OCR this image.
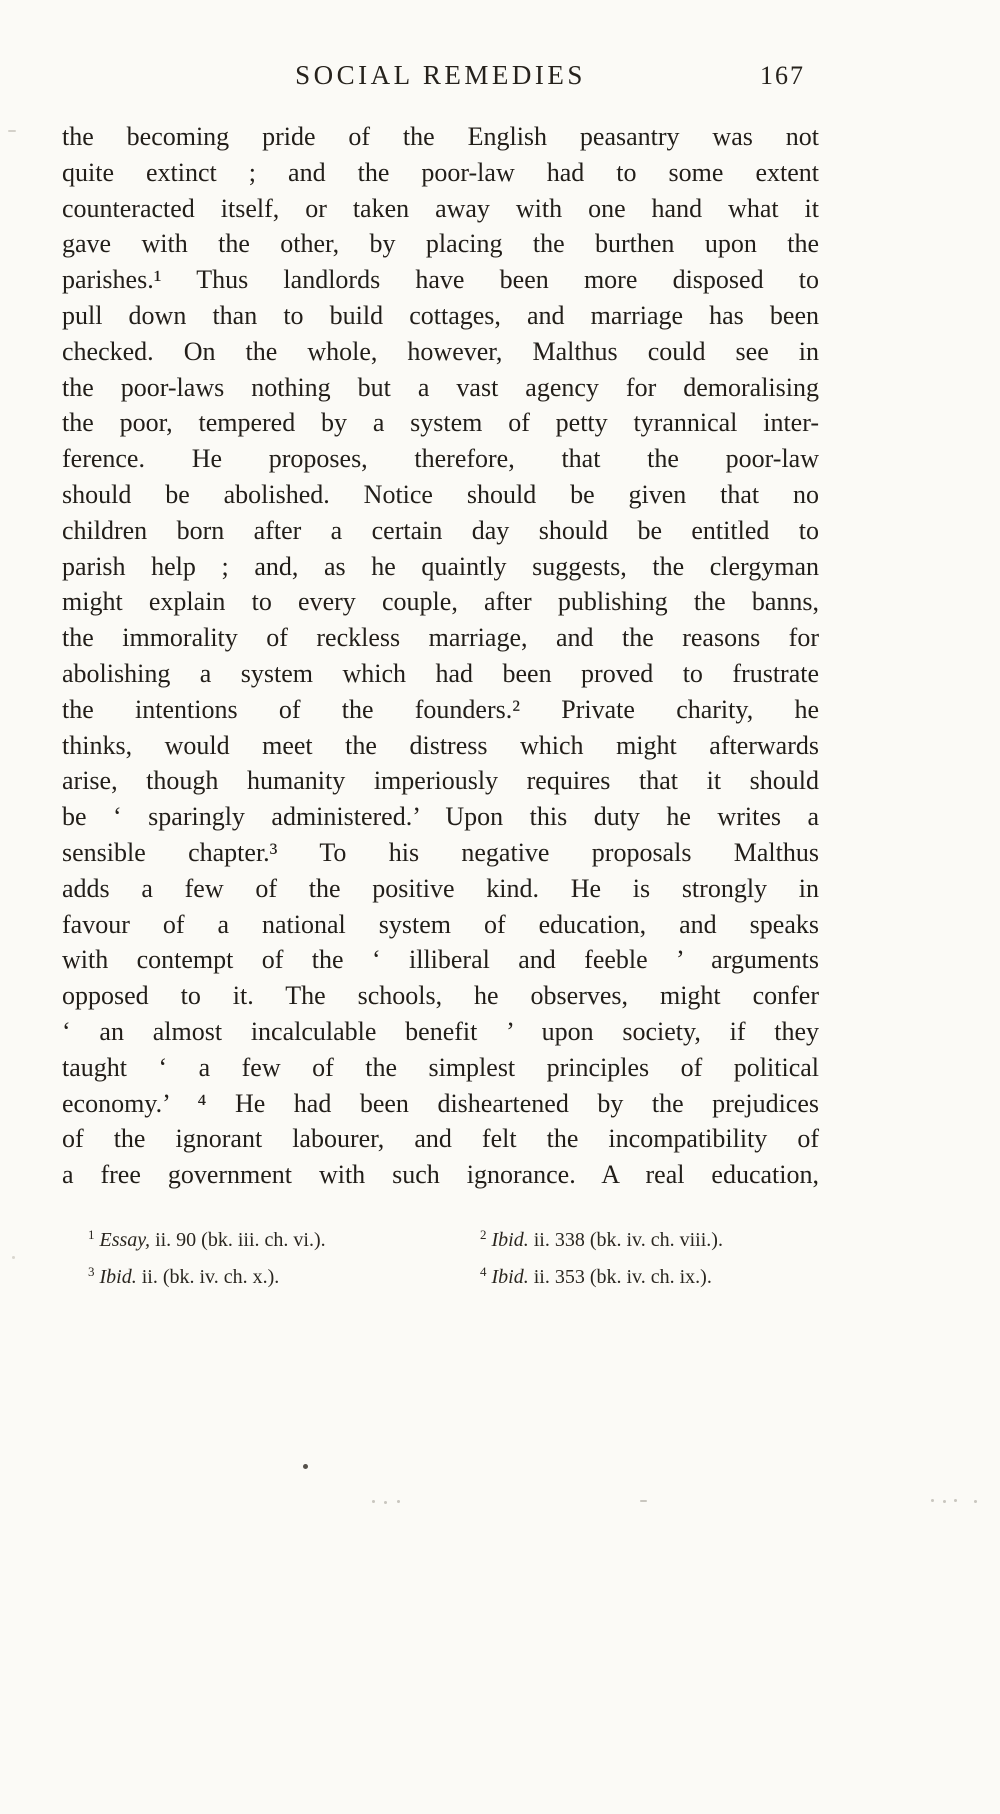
SOCIAL REMEDIES	167
the becoming pride of the English peasantry was not
quite extinct ; and the poor-law had to some extent
counteracted itself, or taken away with one hand what it
gave with the other, by placing the burthen upon the
parishes.¹ Thus landlords have been more disposed to
pull down than to build cottages, and marriage has been
checked. On the whole, however, Malthus could see in
the poor-laws nothing but a vast agency for demoralising
the poor, tempered by a system of petty tyrannical inter-
ference. He proposes, therefore, that the poor-law
should be abolished. Notice should be given that no
children born after a certain day should be entitled to
parish help ; and, as he quaintly suggests, the clergyman
might explain to every couple, after publishing the banns,
the immorality of reckless marriage, and the reasons for
abolishing a system which had been proved to frustrate
the intentions of the founders.² Private charity, he
thinks, would meet the distress which might afterwards
arise, though humanity imperiously requires that it should
be ‘ sparingly administered.’ Upon this duty he writes a
sensible chapter.³ To his negative proposals Malthus
adds a few of the positive kind. He is strongly in
favour of a national system of education, and speaks
with contempt of the ‘ illiberal and feeble ’ arguments
opposed to it. The schools, he observes, might confer
‘ an almost incalculable benefit ’ upon society, if they
taught ‘ a few of the simplest principles of political
economy.’ ⁴ He had been disheartened by the prejudices
of the ignorant labourer, and felt the incompatibility of
a free government with such ignorance. A real education,
$^1$ Essay, ii. 90 (bk. iii. ch. vi.).	$^2$ Ibid. ii. 338 (bk. iv. ch. viii.).
$^3$ Ibid. ii. (bk. iv. ch. x.).	$^4$ Ibid. ii. 353 (bk. iv. ch. ix.).
